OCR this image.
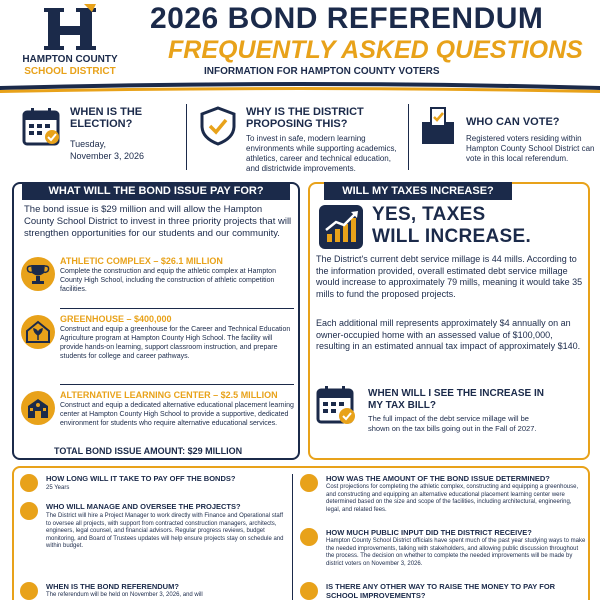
HAMPTON COUNTY
SCHOOL DISTRICT
2026 BOND REFERENDUM
FREQUENTLY ASKED QUESTIONS
INFORMATION FOR HAMPTON COUNTY VOTERS
WHEN IS THE
ELECTION?
Tuesday,
November 3, 2026
WHY IS THE DISTRICT
PROPOSING THIS?
To invest in safe, modern learning environments while supporting academics, athletics, career and technical education, and districtwide improvements.
WHO CAN VOTE?
Registered voters residing within Hampton County School District can vote in this local referendum.
WHAT WILL THE BOND ISSUE PAY FOR?
The bond issue is $29 million and will allow the Hampton County School District to invest in three priority projects that will strengthen opportunities for our students and our community.
ATHLETIC COMPLEX – $26.1 MILLION
Complete the construction and equip the athletic complex at Hampton County High School, including the construction of athletic competition facilities.
GREENHOUSE – $400,000
Construct and equip a greenhouse for the Career and Technical Education Agriculture program at Hampton County High School. The facility will provide hands-on learning, support classroom instruction, and prepare students for college and career pathways.
ALTERNATIVE LEARNING CENTER – $2.5 MILLION
Construct and equip a dedicated alternative educational placement learning center at Hampton County High School to provide a supportive, dedicated environment for students who require alternative educational services.
TOTAL BOND ISSUE AMOUNT: $29 MILLION
WILL MY TAXES INCREASE?
YES, TAXES
WILL INCREASE.
The District's current debt service millage is 44 mills. According to the information provided, overall estimated debt service millage would increase to approximately 79 mills, meaning it would take 35 mills to fund the proposed projects.
Each additional mill represents approximately $4 annually on an owner-occupied home with an assessed value of $100,000, resulting in an estimated annual tax impact of approximately $140.
WHEN WILL I SEE THE INCREASE IN MY TAX BILL?
The full impact of the debt service millage will be shown on the tax bills going out in the Fall of 2027.
HOW LONG WILL IT TAKE TO PAY OFF THE BONDS?
25 Years
WHO WILL MANAGE AND OVERSEE THE PROJECTS?
The District will hire a Project Manager to work directly with Finance and Operational staff to oversee all projects, with support from contracted construction managers, architects, engineers, legal counsel, and financial advisors. Regular progress reviews, budget monitoring, and Board of Trustees updates will help ensure projects stay on schedule and within budget.
WHEN IS THE BOND REFERENDUM?
The referendum will be held on November 3, 2026, and will
HOW WAS THE AMOUNT OF THE BOND ISSUE DETERMINED?
Cost projections for completing the athletic complex, constructing and equipping a greenhouse, and constructing and equipping an alternative educational placement learning center were determined based on the size and scope of the facilities, including architectural, engineering, legal, and related fees.
HOW MUCH PUBLIC INPUT DID THE DISTRICT RECEIVE?
Hampton County School District officials have spent much of the past year studying ways to make the needed improvements, talking with stakeholders, and allowing public discussion throughout the process. The decision on whether to complete the needed improvements will be made by district voters on November 3, 2026.
IS THERE ANY OTHER WAY TO RAISE THE MONEY TO PAY FOR SCHOOL IMPROVEMENTS?
